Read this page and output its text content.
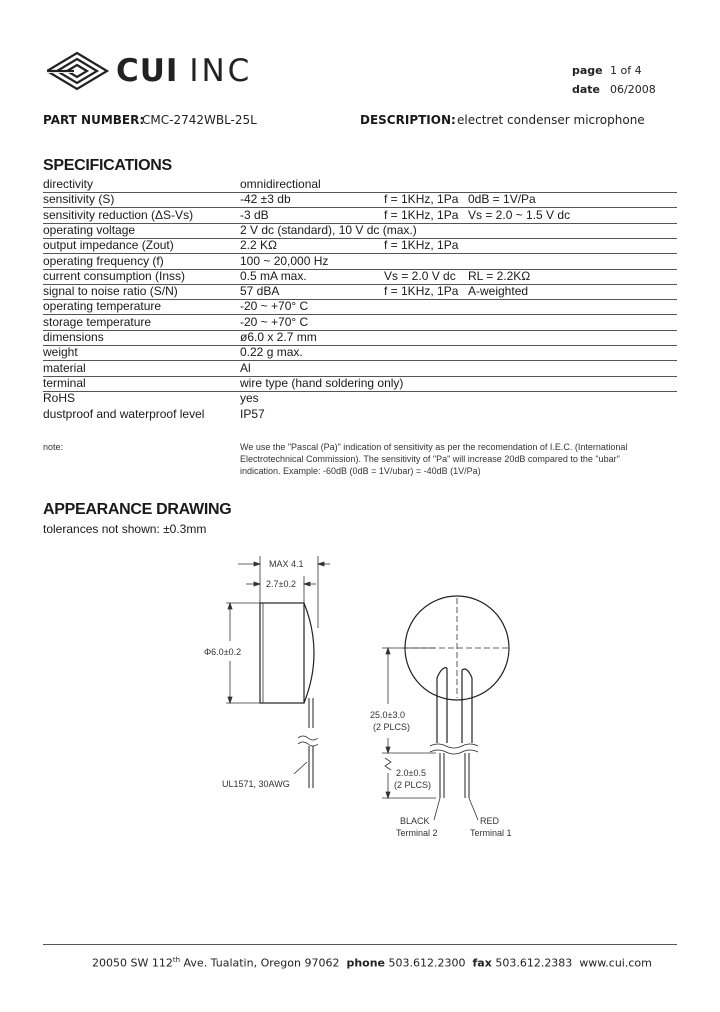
CUI INC	page 1 of 4
date 06/2008
PART NUMBER:
CMC-2742WBL-25L	DESCRIPTION: electret condenser microphone
SPECIFICATIONS
directivity	omnidirectional
sensitivity (S)	-42 ±3 db	f = 1KHz, 1Pa 0dB = 1V/Pa
sensitivity reduction (ΔS-Vs)	-3 dB	f = 1KHz, 1Pa Vs = 2.0 ~ 1.5 V dc
operating voltage	2 V dc (standard), 10 V dc (max.)
output impedance (Zout)	2.2 KΩ	f = 1KHz, 1Pa
operating frequency (f)	100 ~ 20,000 Hz
current consumption (Inss)	0.5 mA max.	Vs = 2.0 V dc RL = 2.2KΩ
signal to noise ratio (S/N)	57 dBA	f = 1KHz, 1Pa A-weighted
operating temperature	-20 ~ +70° C
storage temperature	-20 ~ +70° C
dimensions	ø6.0 x 2.7 mm
weight	0.22 g max.
material	Al
terminal	wire type (hand soldering only)
RoHS	yes
dustproof and waterproof level	IP57
note:	We use the "Pascal (Pa)" indication of sensitivity as per the recomendation of I.E.C. (International Electrotechnical Commission). The sensitivity of "Pa" will increase 20dB compared to the "ubar" indication. Example: -60dB (0dB = 1V/ubar) = -40dB (1V/Pa)
APPEARANCE DRAWING
tolerances not shown: ±0.3mm
MAX 4.1
2.7±0.2
Φ6.0±0.2
UL1571, 30AWG
25.0±3.0
(2 PLCS)
2.0±0.5
(2 PLCS)
BLACK
Terminal 2
RED
Terminal 1
20050 SW 112th Ave. Tualatin, Oregon 97062 phone 503.612.2300 fax 503.612.2383 www.cui.com
